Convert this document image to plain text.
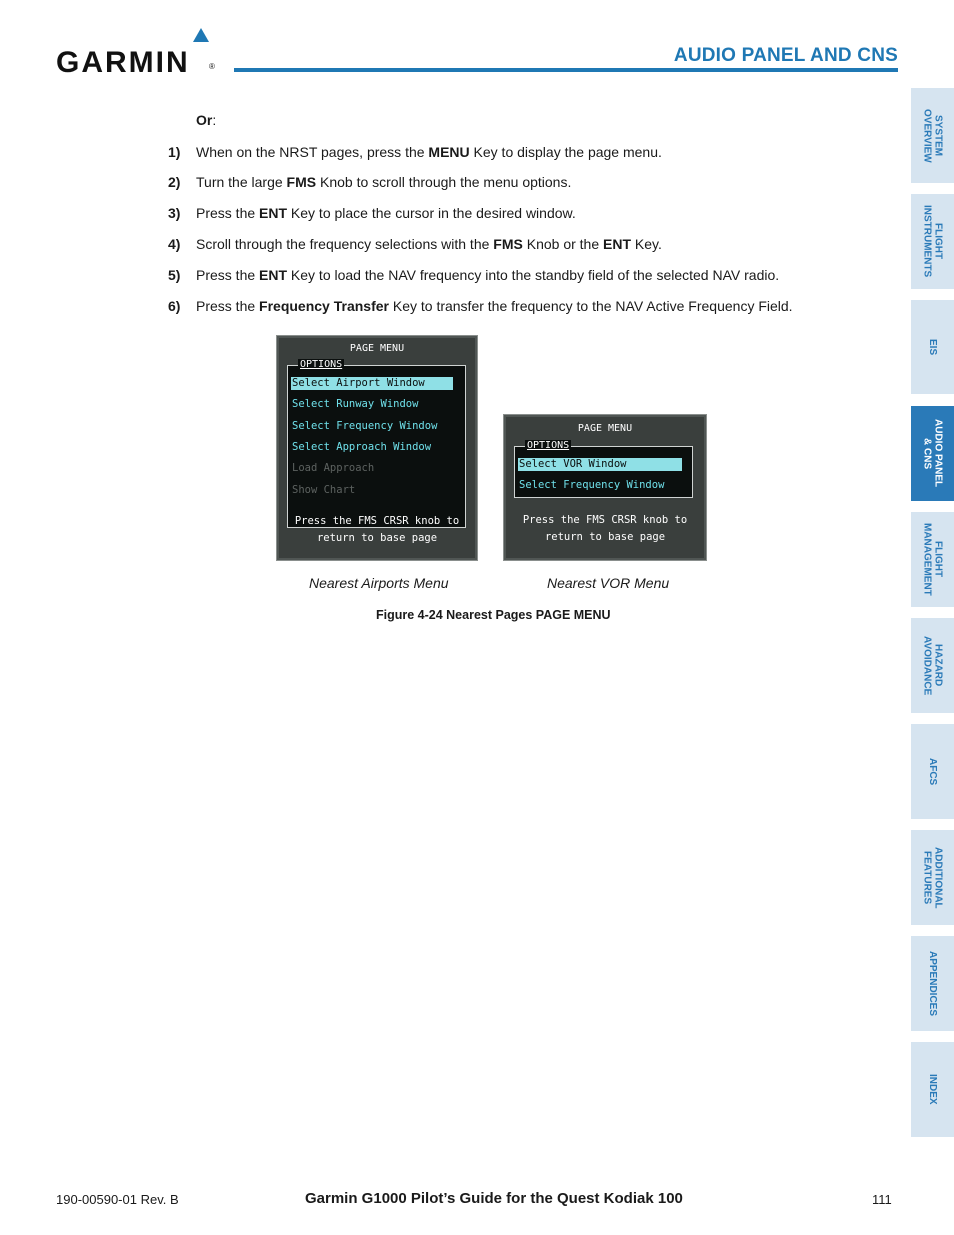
GARMIN ®
AUDIO PANEL AND CNS
SYSTEM
OVERVIEW
FLIGHT
INSTRUMENTS
EIS
AUDIO PANEL
& CNS
FLIGHT
MANAGEMENT
HAZARD
AVOIDANCE
AFCS
ADDITIONAL
FEATURES
APPENDICES
INDEX
Or:
1) When on the NRST pages, press the MENU Key to display the page menu.
2) Turn the large FMS Knob to scroll through the menu options.
3) Press the ENT Key to place the cursor in the desired window.
4) Scroll through the frequency selections with the FMS Knob or the ENT Key.
5) Press the ENT Key to load the NAV frequency into the standby field of the selected NAV radio.
6) Press the Frequency Transfer Key to transfer the frequency to the NAV Active Frequency Field.
PAGE MENU
OPTIONS
Select Airport Window
Select Runway Window
Select Frequency Window
Select Approach Window
Load Approach
Show Chart
Press the FMS CRSR knob to
return to base page
PAGE MENU
OPTIONS
Select VOR Window
Select Frequency Window
Press the FMS CRSR knob to
return to base page
Nearest Airports Menu	Nearest VOR Menu
Figure 4-24 Nearest Pages PAGE MENU
190-00590-01 Rev. B	Garmin G1000 Pilot’s Guide for the Quest Kodiak 100	111
